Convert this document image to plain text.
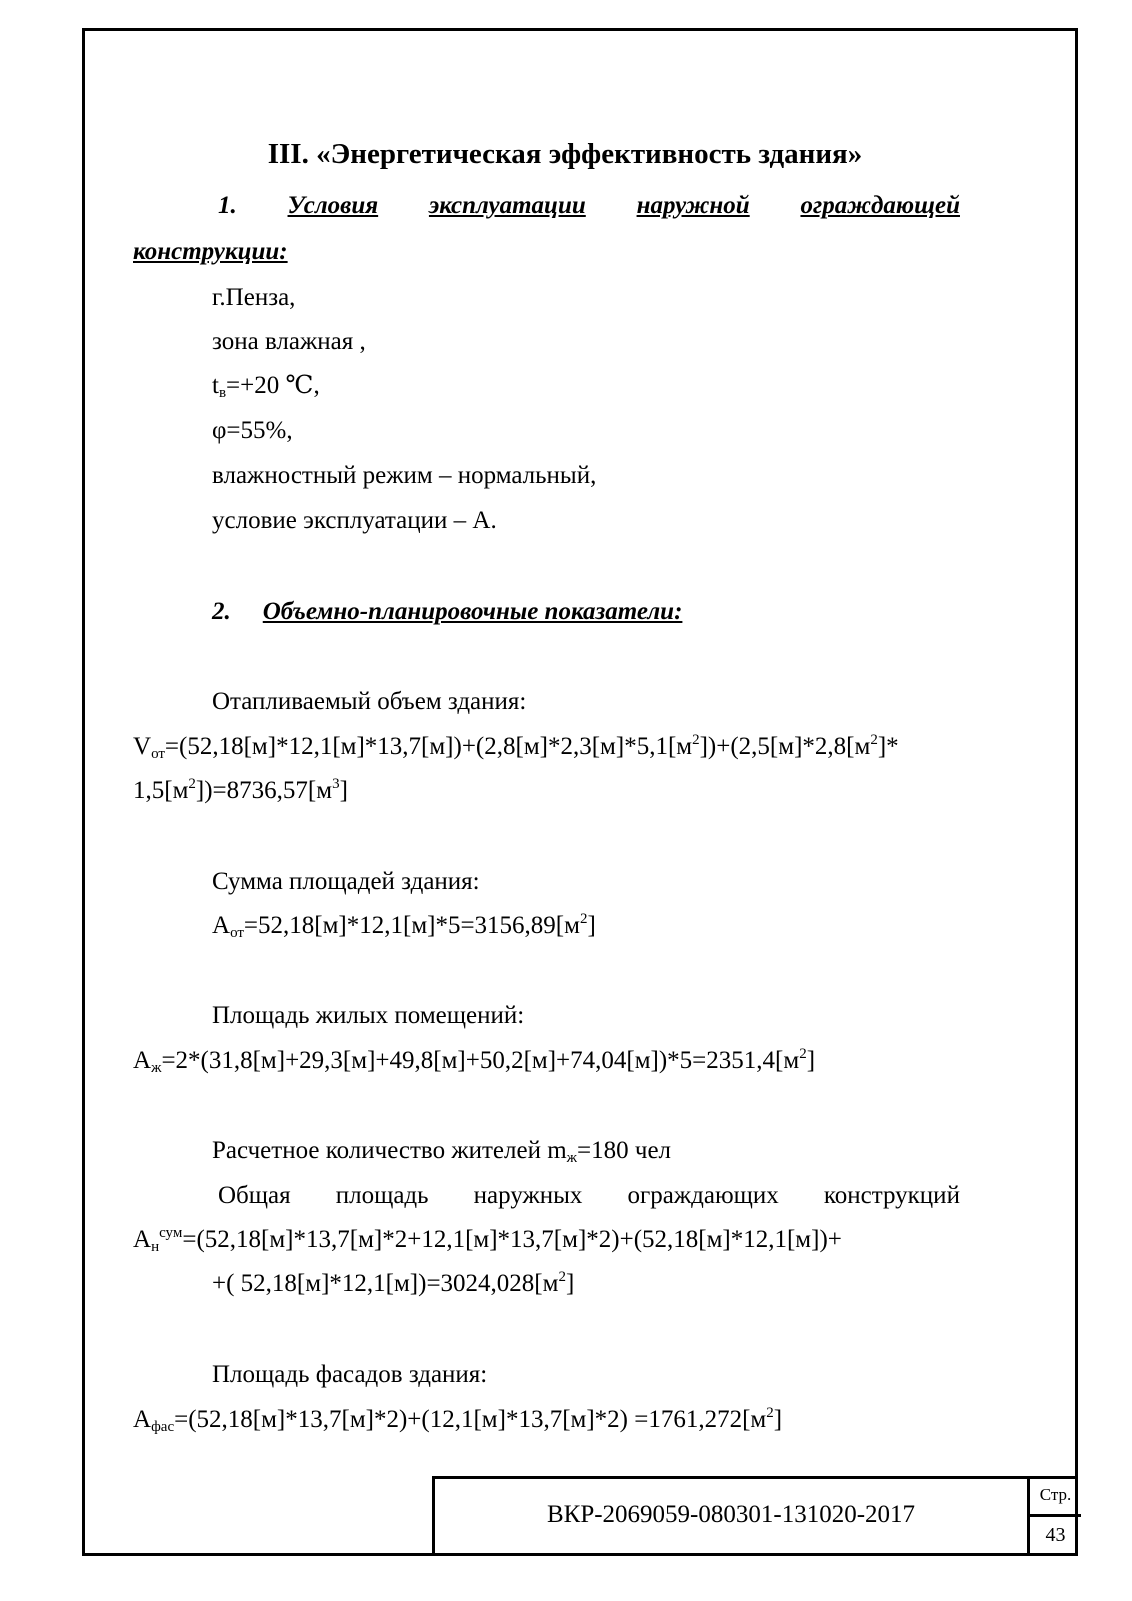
III. «Энергетическая эффективность здания»
1. Условия эксплуатации наружной ограждающей
конструкции:
г.Пенза,
зона влажная ,
$t_в=+20$ ℃,
φ=55%,
влажностный режим – нормальный,
условие эксплуатации – А.
2. Объемно-планировочные показатели:
Отапливаемый объем здания:
$V_{от}=(52,18[м]*12,1[м]*13,7[м])+(2,8[м]*2,3[м]*5,1[м^2])+(2,5[м]*2,8[м^2]*$
$1,5[м^2])=8736,57[м^3]$
Сумма площадей здания:
$A_{от}=52,18[м]*12,1[м]*5=3156,89[м^2]$
Площадь жилых помещений:
$A_ж=2*(31,8[м]+29,3[м]+49,8[м]+50,2[м]+74,04[м])*5=2351,4[м^2]$
Расчетное количество жителей $m_ж=180$ чел
Общая площадь наружных ограждающих конструкций
$A_н^{сум}=(52,18[м]*13,7[м]*2+12,1[м]*13,7[м]*2)+(52,18[м]*12,1[м])+$
+( $52,18[м]*12,1[м])=3024,028[м^2]$
Площадь фасадов здания:
$A_{фас}=(52,18[м]*13,7[м]*2)+(12,1[м]*13,7[м]*2) =1761,272[м^2]$
ВКР-2069059-080301-131020-2017
Стр.
43
